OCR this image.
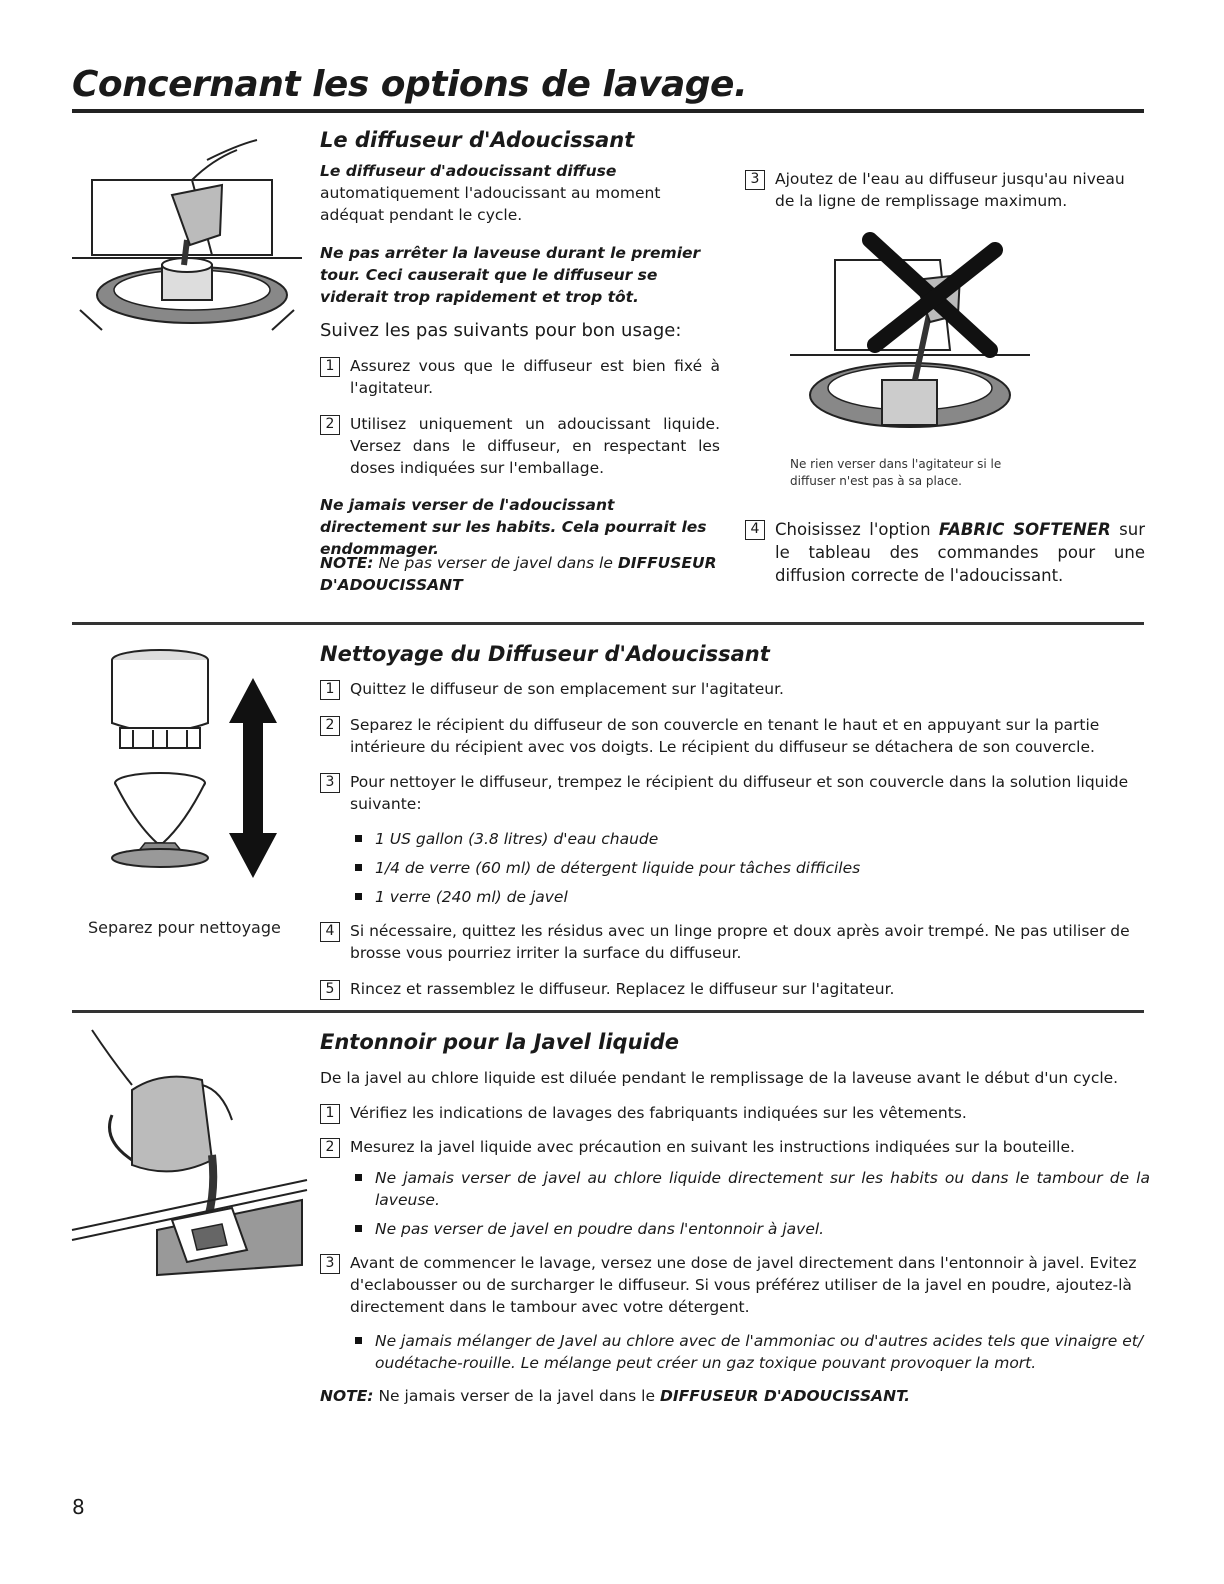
Concernant les options de lavage.
Le diffuseur d'Adoucissant

Le diffuseur d'adoucissant diffuse automatiquement l'adoucissant au moment adéquat pendant le cycle.

Ne pas arrêter la laveuse durant le premier tour. Ceci causerait que le diffuseur se viderait trop rapidement et trop tôt.

Suivez les pas suivants pour bon usage:

1	Assurez vous que le diffuseur est bien fixé à l'agitateur.
2	Utilisez uniquement un adoucissant liquide. Versez dans le diffuseur, en respectant les doses indiquées sur l'emballage.

Ne jamais verser de l'adoucissant directement sur les habits. Cela pourrait les endommager.

NOTE: Ne pas verser de javel dans le DIFFUSEUR D'ADOUCISSANT

3	Ajoutez de l'eau au diffuseur jusqu'au niveau de la ligne de remplissage maximum.

Ne rien verser dans l'agitateur si le diffuser n'est pas à sa place.

4 Choisissez l'option FABRIC SOFTENER sur le tableau des commandes pour une diffusion correcte de l'adoucissant.

Separez pour nettoyage

Nettoyage du Diffuseur d'Adoucissant
1	Quittez le diffuseur de son emplacement sur l'agitateur.
2	Separez le récipient du diffuseur de son couvercle en tenant le haut et en appuyant sur la partie intérieure du récipient avec vos doigts. Le récipient du diffuseur se détachera de son couvercle.
3	Pour nettoyer le diffuseur, trempez le récipient du diffuseur et son couvercle dans la solution liquide suivante:
1 US gallon (3.8 litres) d'eau chaude
1/4 de verre (60 ml) de détergent liquide pour tâches difficiles
1 verre (240 ml) de javel
4	Si nécessaire, quittez les résidus avec un linge propre et doux après avoir trempé. Ne pas utiliser de brosse vous pourriez irriter la surface du diffuseur.
5	Rincez et rassemblez le diffuseur. Replacez le diffuseur sur l'agitateur.
Entonnoir pour la Javel liquide

De la javel au chlore liquide est diluée pendant le remplissage de la laveuse avant le début d'un cycle.

1	Vérifiez les indications de lavages des fabriquants indiquées sur les vêtements.
2	Mesurez la javel liquide avec précaution en suivant les instructions indiquées sur la bouteille.
Ne jamais verser de javel au chlore liquide directement sur les habits ou dans le tambour de la laveuse.
Ne pas verser de javel en poudre dans l'entonnoir à javel.
3	Avant de commencer le lavage, versez une dose de javel directement dans l'entonnoir à javel. Evitez d'eclabousser ou de surcharger le diffuseur. Si vous préférez utiliser de la javel en poudre, ajoutez-là directement dans le tambour avec votre détergent.
Ne jamais mélanger de Javel au chlore avec de l'ammoniac ou d'autres acides tels que vinaigre et/ oudétache-rouille. Le mélange peut créer un gaz toxique pouvant provoquer la mort.

NOTE: Ne jamais verser de la javel dans le DIFFUSEUR D'ADOUCISSANT.

8
